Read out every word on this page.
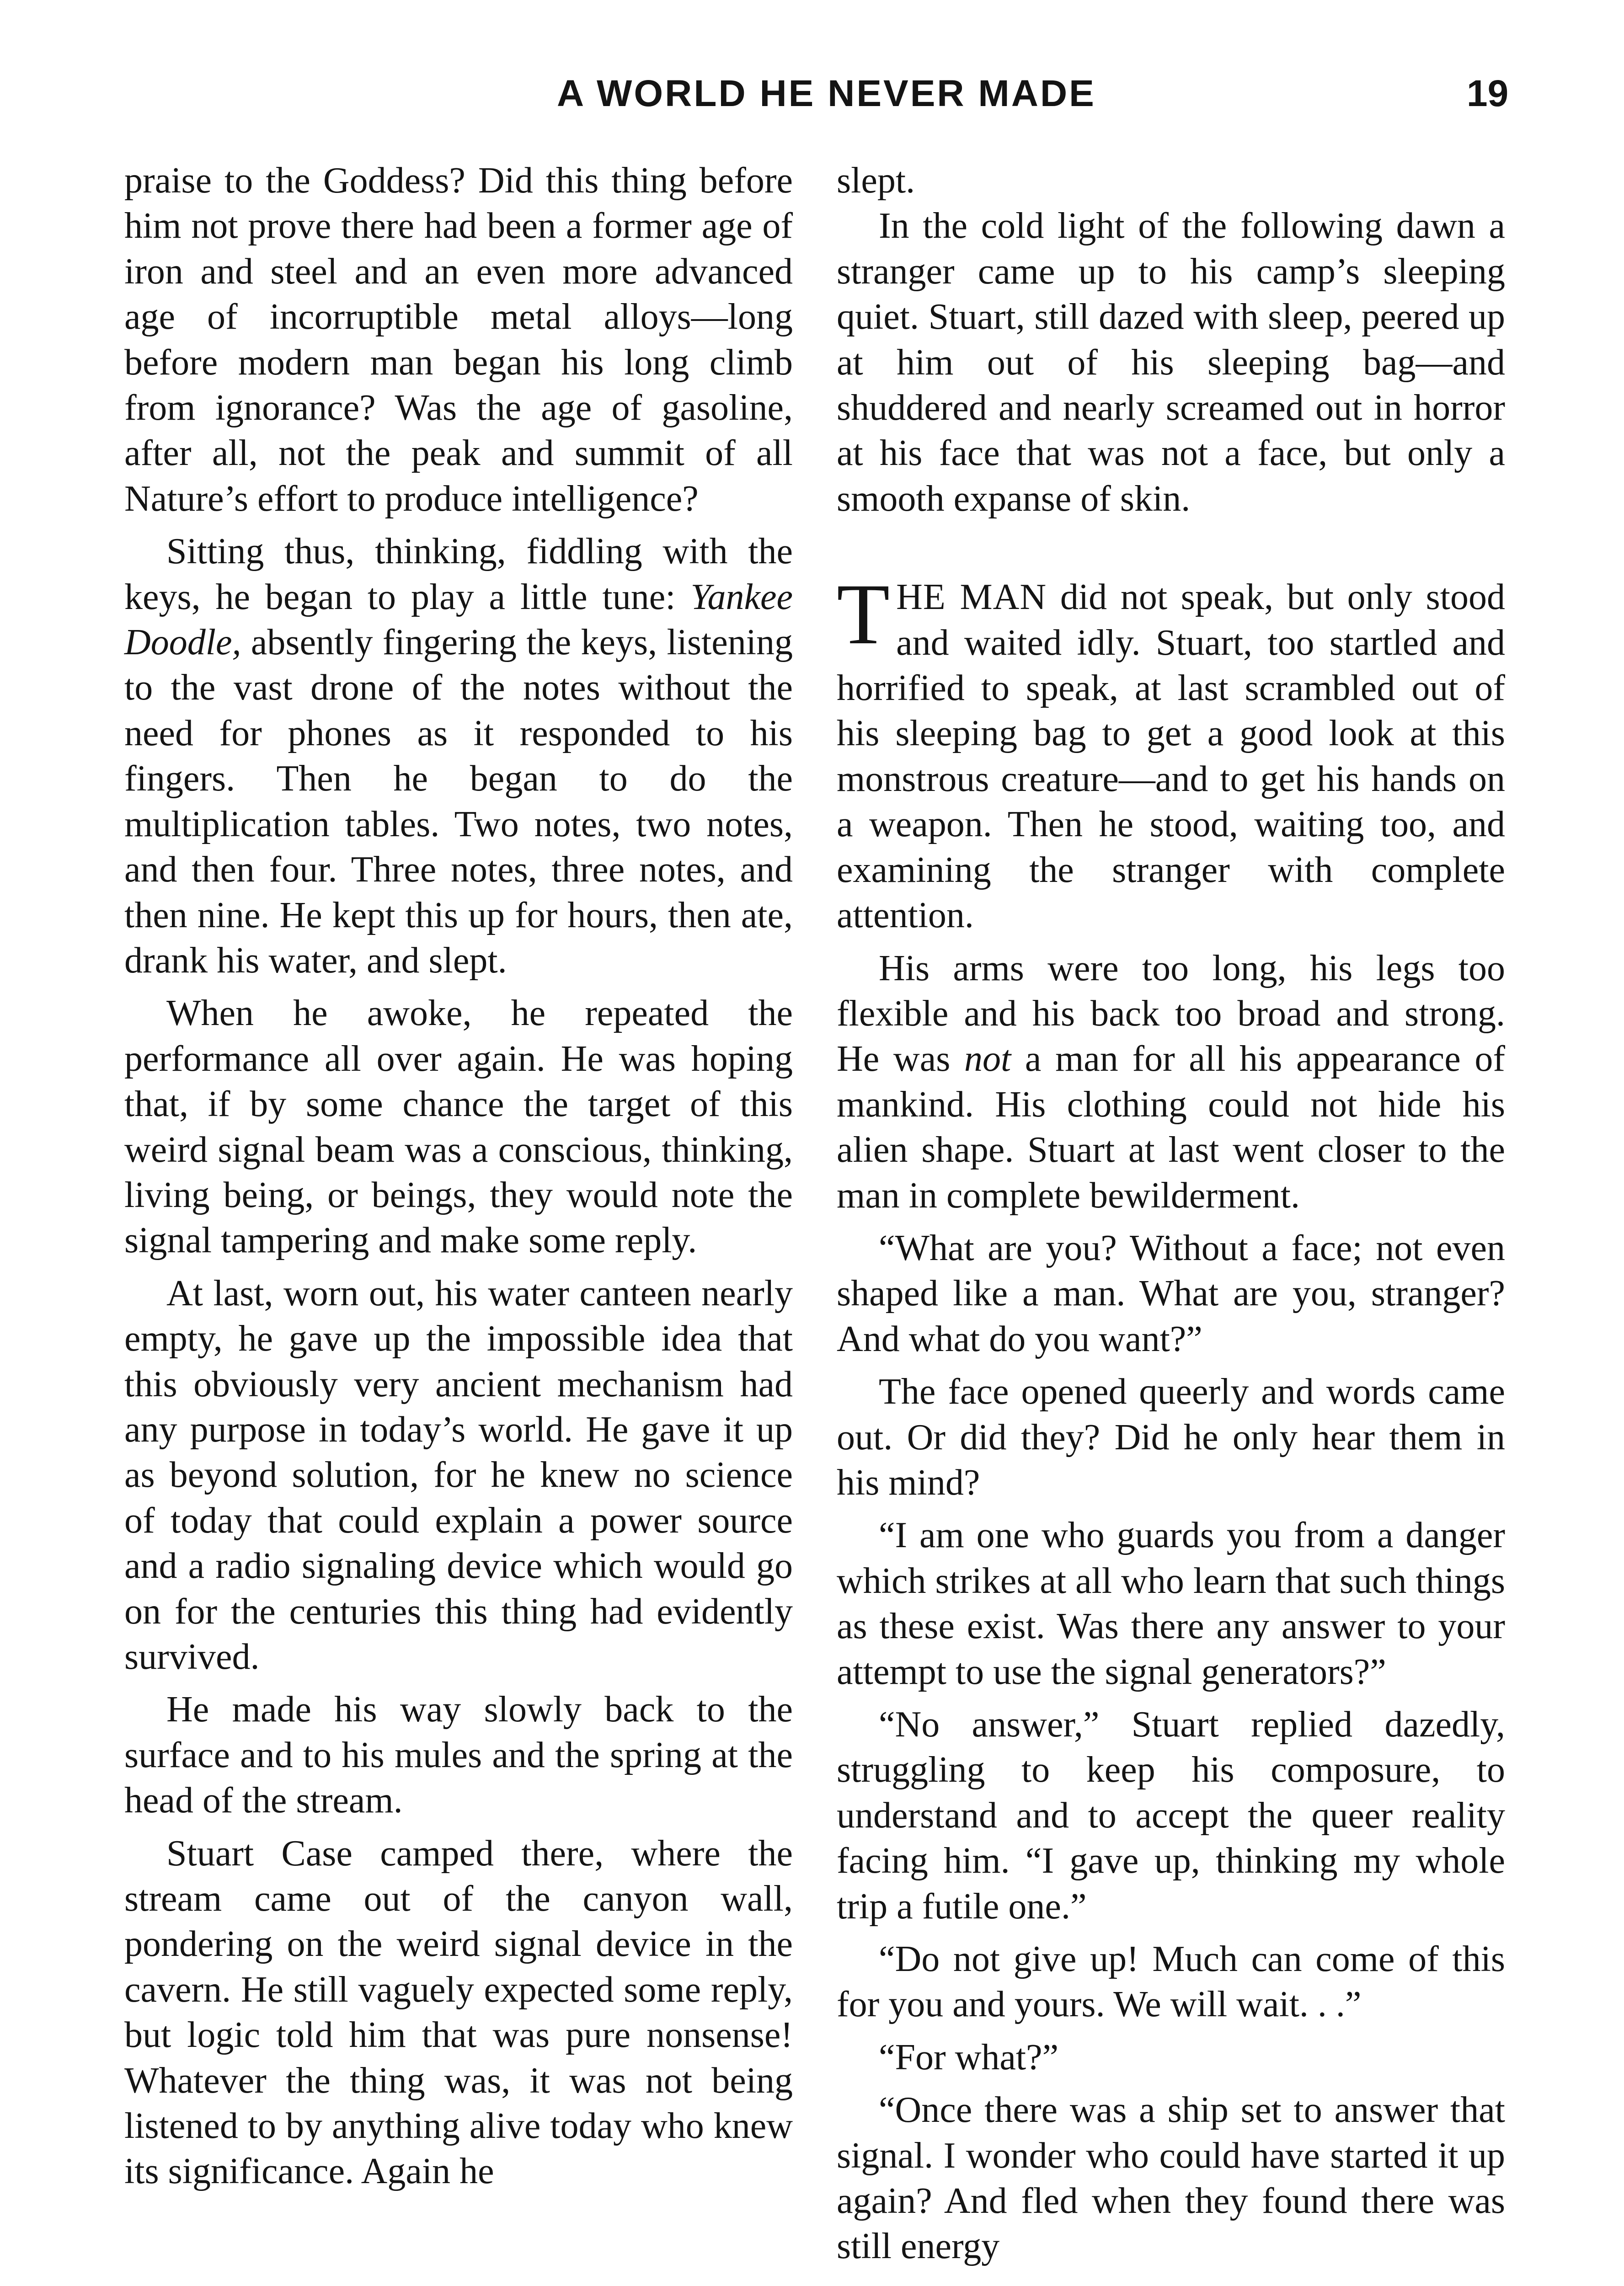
A WORLD HE NEVER MADE	19

praise to the Goddess? Did this thing before him not prove there had been a former age of iron and steel and an even more advanced age of incorruptible metal alloys—long before modern man began his long climb from ignorance? Was the age of gasoline, after all, not the peak and summit of all Nature’s effort to produce intelligence?

Sitting thus, thinking, fiddling with the keys, he began to play a little tune: Yankee Doodle, absently fingering the keys, listening to the vast drone of the notes without the need for phones as it responded to his fingers. Then he began to do the multiplication tables. Two notes, two notes, and then four. Three notes, three notes, and then nine. He kept this up for hours, then ate, drank his water, and slept.

When he awoke, he repeated the performance all over again. He was hoping that, if by some chance the target of this weird signal beam was a conscious, thinking, living being, or beings, they would note the signal tampering and make some reply.

At last, worn out, his water canteen nearly empty, he gave up the impossible idea that this obviously very ancient mechanism had any purpose in today’s world. He gave it up as beyond solution, for he knew no science of today that could explain a power source and a radio signaling device which would go on for the centuries this thing had evidently survived.

He made his way slowly back to the surface and to his mules and the spring at the head of the stream.

Stuart Case camped there, where the stream came out of the canyon wall, pondering on the weird signal device in the cavern. He still vaguely expected some reply, but logic told him that was pure nonsense! Whatever the thing was, it was not being listened to by anything alive today who knew its significance. Again he

slept.

In the cold light of the following dawn a stranger came up to his camp’s sleeping quiet. Stuart, still dazed with sleep, peered up at him out of his sleeping bag—and shuddered and nearly screamed out in horror at his face that was not a face, but only a smooth expanse of skin.

THE MAN did not speak, but only stood and waited idly. Stuart, too startled and horrified to speak, at last scrambled out of his sleeping bag to get a good look at this monstrous creature—and to get his hands on a weapon. Then he stood, waiting too, and examining the stranger with complete attention.

His arms were too long, his legs too flexible and his back too broad and strong. He was not a man for all his appearance of mankind. His clothing could not hide his alien shape. Stuart at last went closer to the man in complete bewilderment.

“What are you? Without a face; not even shaped like a man. What are you, stranger? And what do you want?”

The face opened queerly and words came out. Or did they? Did he only hear them in his mind?

“I am one who guards you from a danger which strikes at all who learn that such things as these exist. Was there any answer to your attempt to use the signal generators?”

“No answer,” Stuart replied dazedly, struggling to keep his composure, to understand and to accept the queer reality facing him. “I gave up, thinking my whole trip a futile one.”

“Do not give up! Much can come of this for you and yours. We will wait. . .”

“For what?”

“Once there was a ship set to answer that signal. I wonder who could have started it up again? And fled when they found there was still energy
